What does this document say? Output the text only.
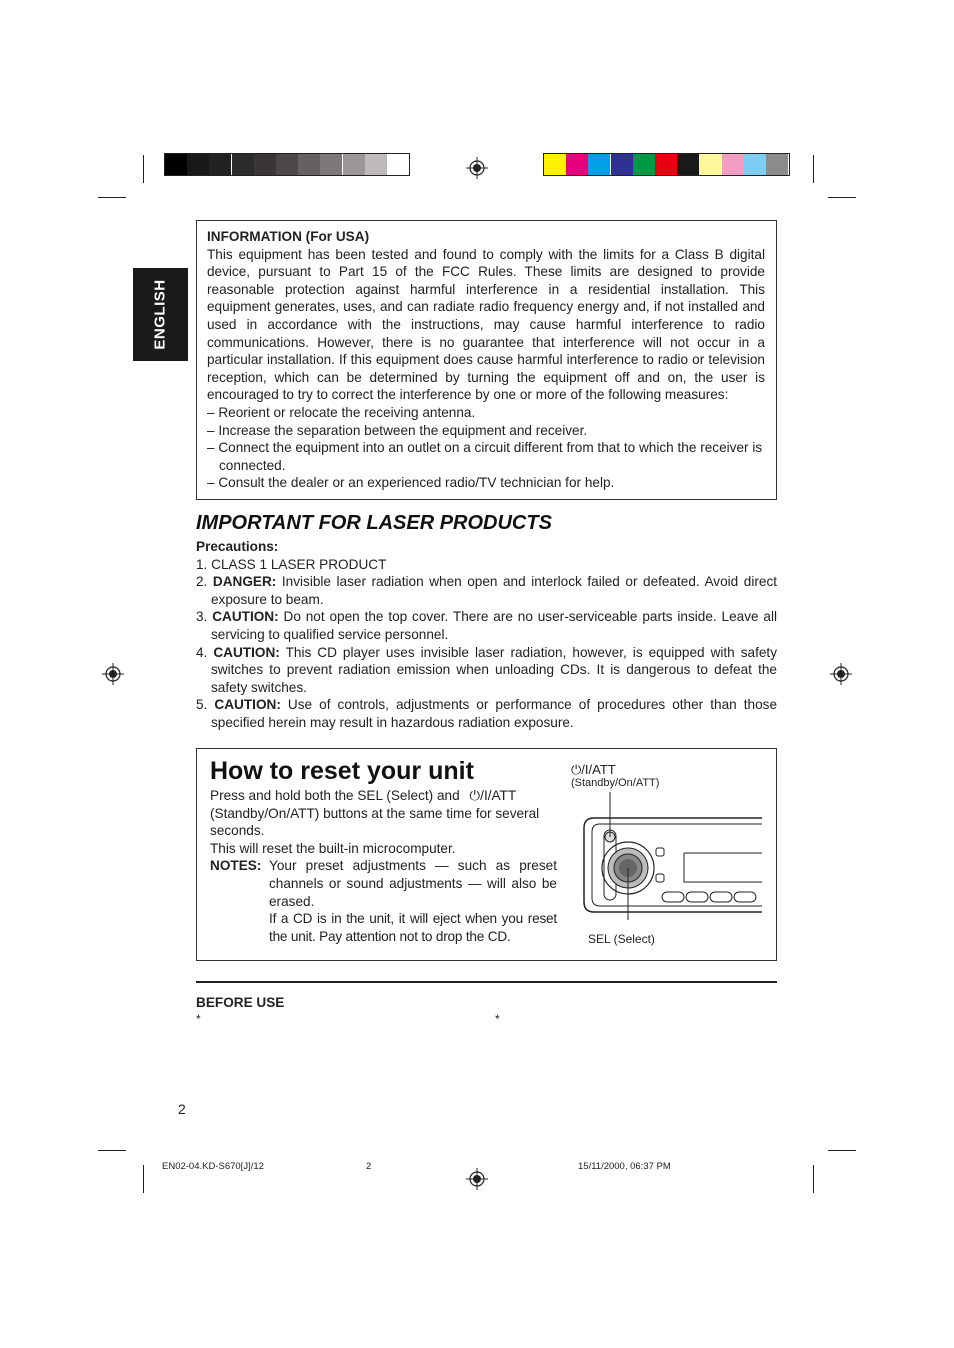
ENGLISH
INFORMATION (For USA)
This equipment has been tested and found to comply with the limits for a Class B digital device, pursuant to Part 15 of the FCC Rules. These limits are designed to provide reasonable protection against harmful interference in a residential installation. This equipment generates, uses, and can radiate radio frequency energy and, if not installed and used in accordance with the instructions, may cause harmful interference to radio communications. However, there is no guarantee that interference will not occur in a particular installation. If this equipment does cause harmful interference to radio or television reception, which can be determined by turning the equipment off and on, the user is encouraged to try to correct the interference by one or more of the following measures:
– Reorient or relocate the receiving antenna.
– Increase the separation between the equipment and receiver.
– Connect the equipment into an outlet on a circuit different from that to which the receiver is connected.
– Consult the dealer or an experienced radio/TV technician for help.
IMPORTANT FOR LASER PRODUCTS
Precautions:
1. CLASS 1 LASER PRODUCT
2. DANGER: Invisible laser radiation when open and interlock failed or defeated. Avoid direct exposure to beam.
3. CAUTION: Do not open the top cover. There are no user-serviceable parts inside. Leave all servicing to qualified service personnel.
4. CAUTION: This CD player uses invisible laser radiation, however, is equipped with safety switches to prevent radiation emission when unloading CDs. It is dangerous to defeat the safety switches.
5. CAUTION: Use of controls, adjustments or performance of procedures other than those specified herein may result in hazardous radiation exposure.
How to reset your unit
Press and hold both the SEL (Select) and ⏻/I/ATT (Standby/On/ATT) buttons at the same time for several seconds.
This will reset the built-in microcomputer.
NOTES: Your preset adjustments — such as preset channels or sound adjustments — will also be erased.
If a CD is in the unit, it will eject when you reset the unit. Pay attention not to drop the CD.
⏻/I/ATT
(Standby/On/ATT)
SEL (Select)
BEFORE USE
*	*
2
EN02-04.KD-S670[J]/12	2	15/11/2000, 06:37 PM
